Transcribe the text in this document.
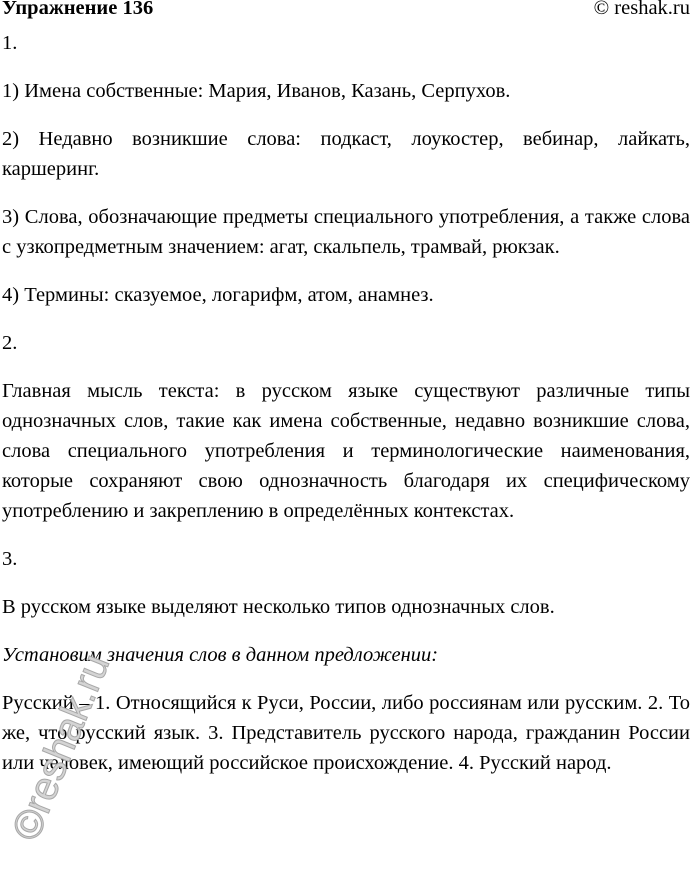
Упражнение 136	© reshak.ru

1.

1) Имена собственные: Мария, Иванов, Казань, Серпухов.

2) Недавно возникшие слова: подкаст, лоукостер, вебинар, лайкать, каршеринг.

3) Слова, обозначающие предметы специального употребления, а также слова с узкопредметным значением: агат, скальпель, трамвай, рюкзак.

4) Термины: сказуемое, логарифм, атом, анамнез.

2.

Главная мысль текста: в русском языке существуют различные типы однозначных слов, такие как имена собственные, недавно возникшие слова, слова специального употребления и терминологические наименования, которые сохраняют свою однозначность благодаря их специфическому употреблению и закреплению в определённых контекстах.

3.

В русском языке выделяют несколько типов однозначных слов.

Установим значения слов в данном предложении:

Русский – 1. Относящийся к Руси, России, либо россиянам или русским. 2. То же, что русский язык. 3. Представитель русского народа, гражданин России или человек, имеющий российское происхождение. 4. Русский народ.

©reshak.ru
